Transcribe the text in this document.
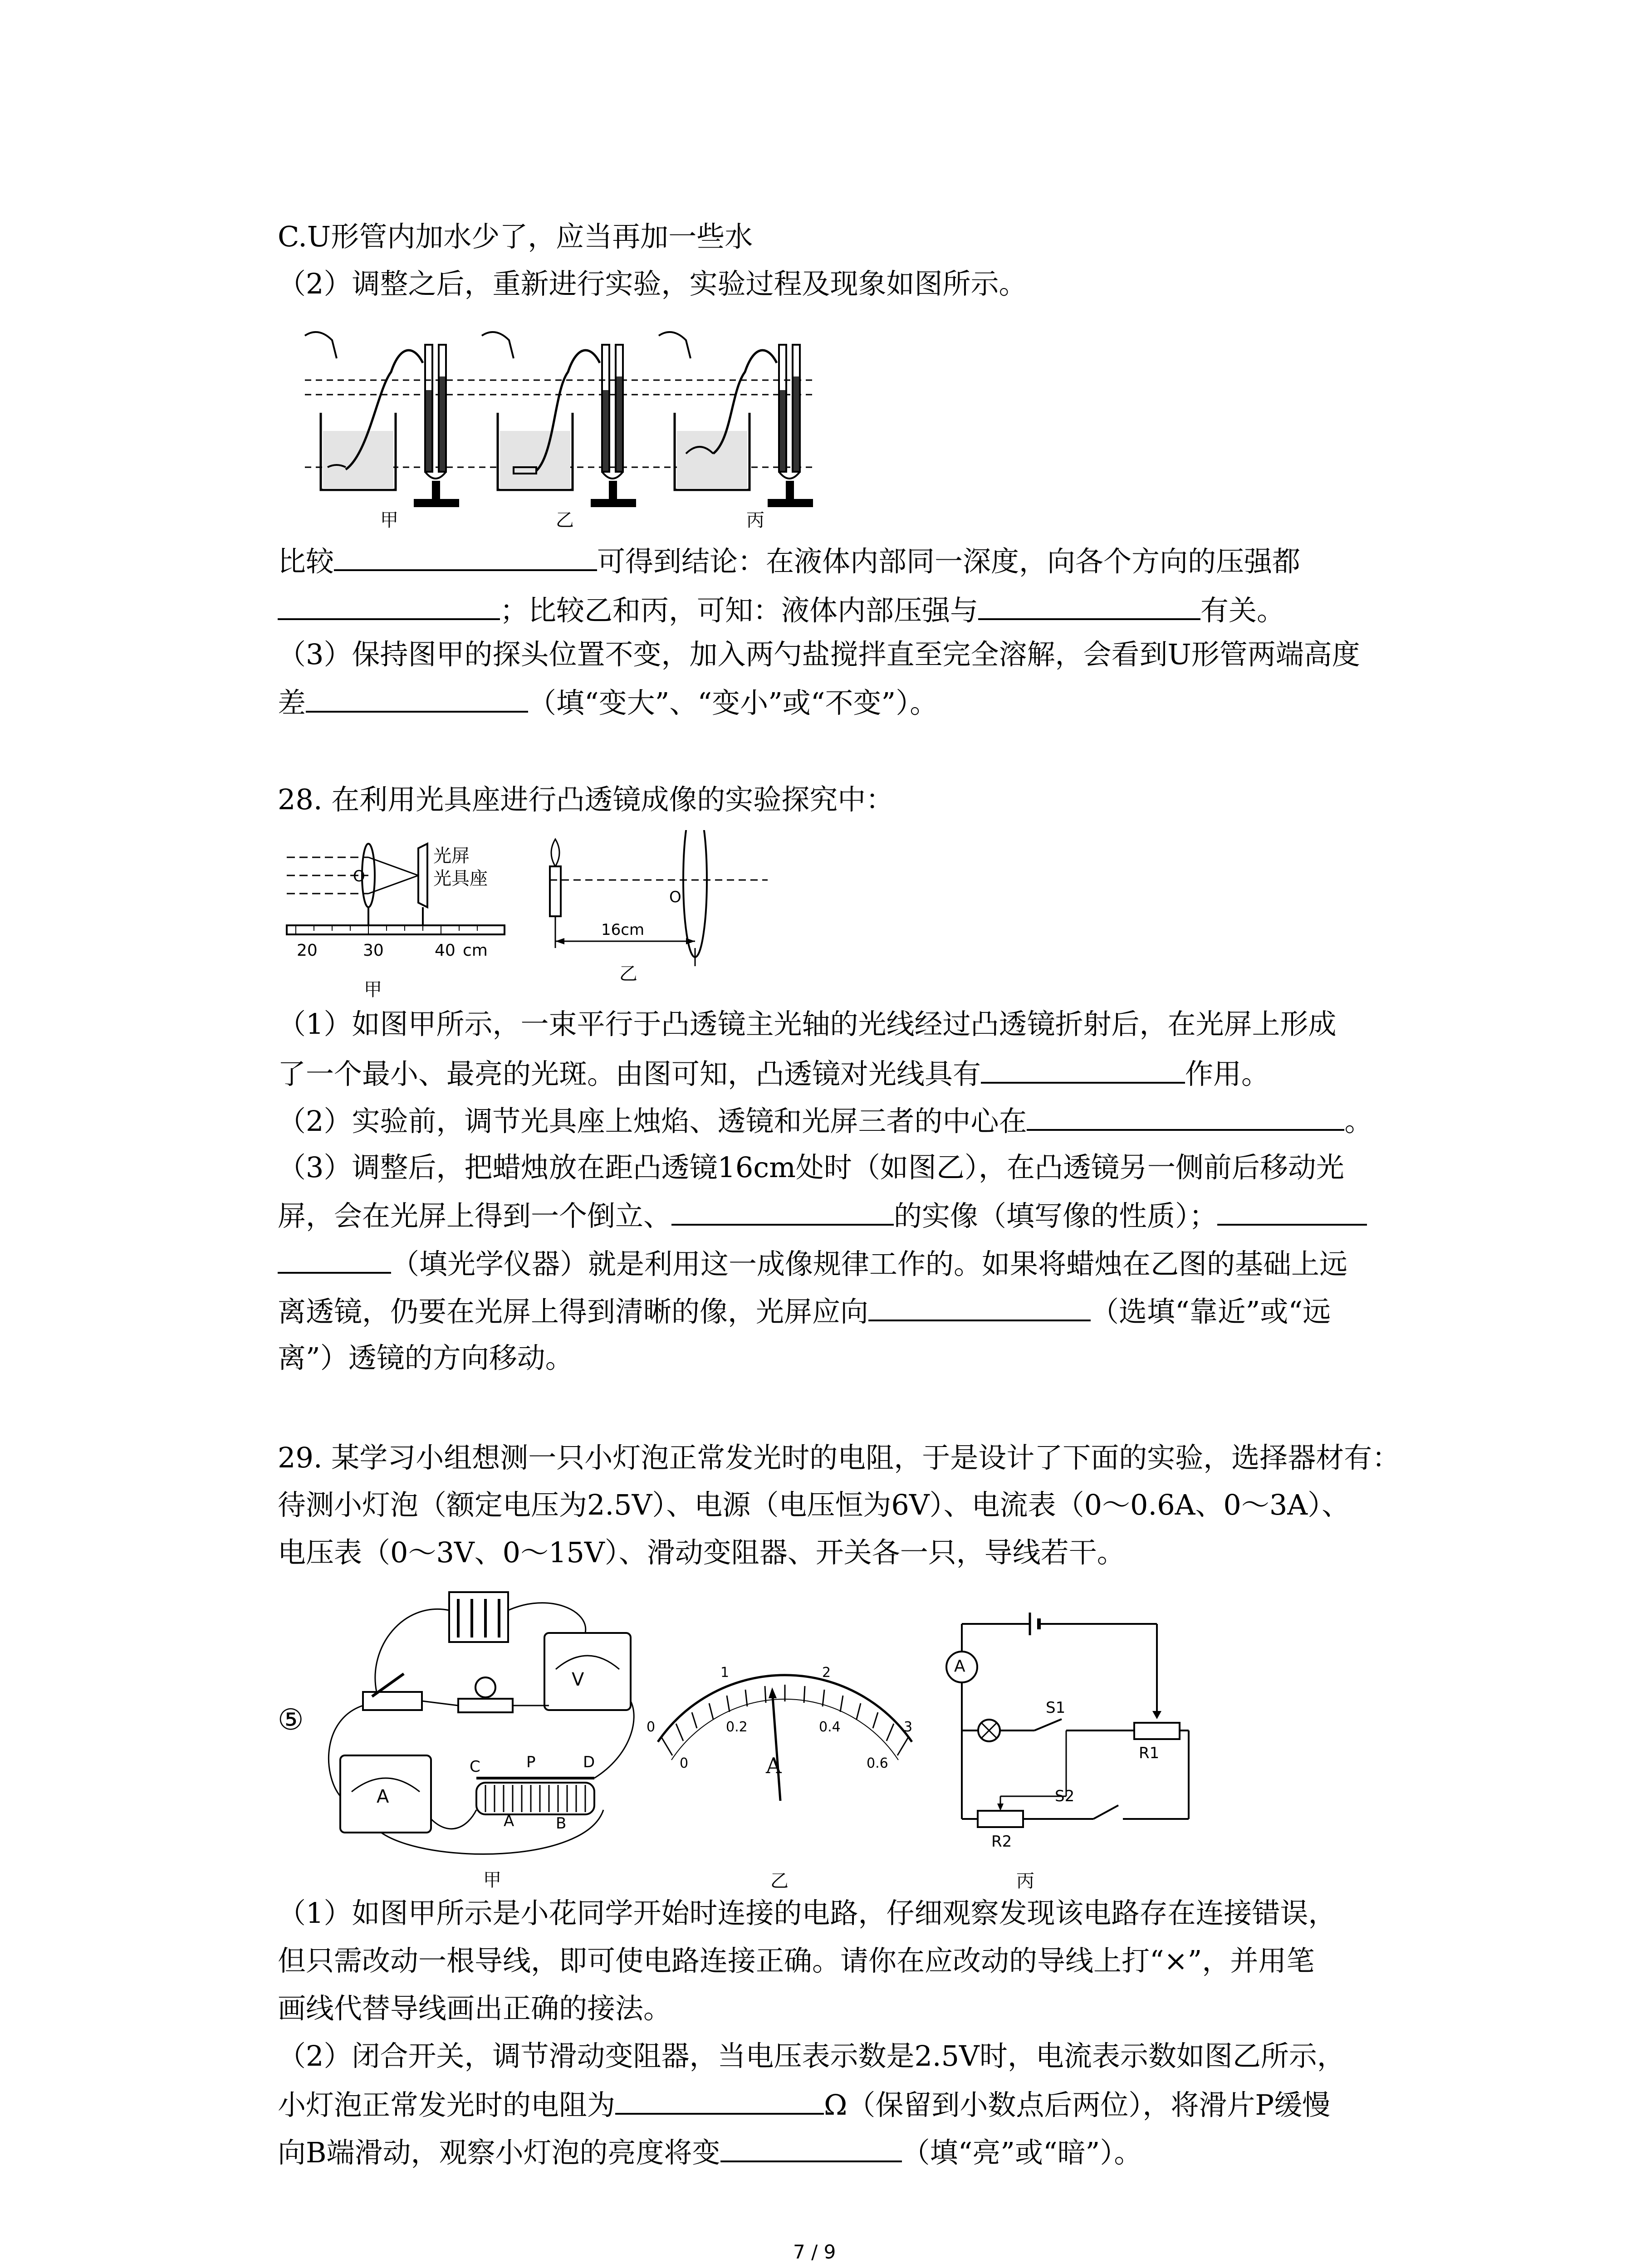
C.U形管内加水少了，应当再加一些水
（2）调整之后，重新进行实验，实验过程及现象如图所示。
甲	乙	丙
比较	可得到结论：在液体内部同一深度，向各个方向的压强都
；比较乙和丙，可知：液体内部压强与	有关。
（3）保持图甲的探头位置不变，加入两勺盐搅拌直至完全溶解，会看到U形管两端高度
差	（填“变大”、“变小”或“不变”）。
28. 在利用光具座进行凸透镜成像的实验探究中：
光屏
光具座
O
20	30	40 cm
甲
O
16cm
乙
（1）如图甲所示，一束平行于凸透镜主光轴的光线经过凸透镜折射后，在光屏上形成
了一个最小、最亮的光斑。由图可知，凸透镜对光线具有	作用。
（2）实验前，调节光具座上烛焰、透镜和光屏三者的中心在	。
（3）调整后，把蜡烛放在距凸透镜16cm处时（如图乙），在凸透镜另一侧前后移动光
屏，会在光屏上得到一个倒立、	的实像（填写像的性质）；
（填光学仪器）就是利用这一成像规律工作的。如果将蜡烛在乙图的基础上远
离透镜，仍要在光屏上得到清晰的像，光屏应向	（选填“靠近”或“远
离”）透镜的方向移动。
29. 某学习小组想测一只小灯泡正常发光时的电阻，于是设计了下面的实验，选择器材有：
待测小灯泡（额定电压为2.5V）、电源（电压恒为6V）、电流表（0～0.6A、0～3A）、
电压表（0～3V、0～15V）、滑动变阻器、开关各一只，导线若干。
⑤
V
A
C	P	D
A	B
甲
0
1	2
3
0
0.2	0.4
0.6
A
乙
A
S1
R1
S2
R2
丙
（1）如图甲所示是小花同学开始时连接的电路，仔细观察发现该电路存在连接错误，
但只需改动一根导线，即可使电路连接正确。请你在应改动的导线上打“×”，并用笔
画线代替导线画出正确的接法。
（2）闭合开关，调节滑动变阻器，当电压表示数是2.5V时，电流表示数如图乙所示，
小灯泡正常发光时的电阻为	Ω（保留到小数点后两位），将滑片P缓慢
向B端滑动，观察小灯泡的亮度将变	（填“亮”或“暗”）。
7 / 9
